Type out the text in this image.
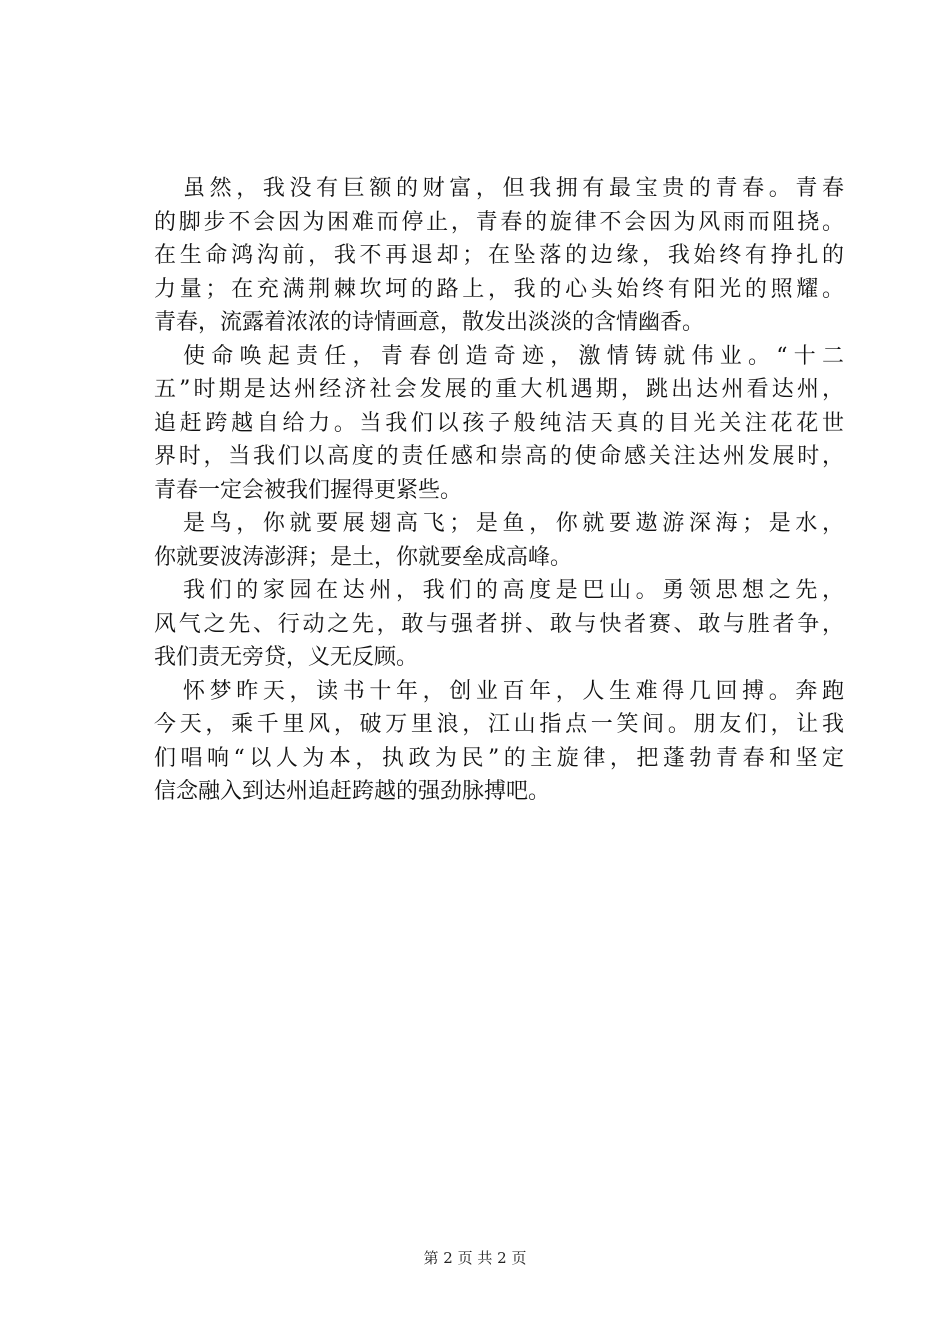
虽然，我没有巨额的财富，但我拥有最宝贵的青春。青春
的脚步不会因为困难而停止，青春的旋律不会因为风雨而阻挠。
在生命鸿沟前，我不再退却；在坠落的边缘，我始终有挣扎的
力量；在充满荆棘坎坷的路上，我的心头始终有阳光的照耀。
青春，流露着浓浓的诗情画意，散发出淡淡的含情幽香。
使命唤起责任，青春创造奇迹，激情铸就伟业。“十二
五”时期是达州经济社会发展的重大机遇期，跳出达州看达州，
追赶跨越自给力。当我们以孩子般纯洁天真的目光关注花花世
界时，当我们以高度的责任感和崇高的使命感关注达州发展时，
青春一定会被我们握得更紧些。
是鸟，你就要展翅高飞；是鱼，你就要遨游深海；是水，
你就要波涛澎湃；是土，你就要垒成高峰。
我们的家园在达州，我们的高度是巴山。勇领思想之先，
风气之先、行动之先，敢与强者拼、敢与快者赛、敢与胜者争，
我们责无旁贷，义无反顾。
怀梦昨天，读书十年，创业百年，人生难得几回搏。奔跑
今天，乘千里风，破万里浪，江山指点一笑间。朋友们，让我
们唱响“以人为本，执政为民”的主旋律，把蓬勃青春和坚定
信念融入到达州追赶跨越的强劲脉搏吧。
第 2 页 共 2 页
